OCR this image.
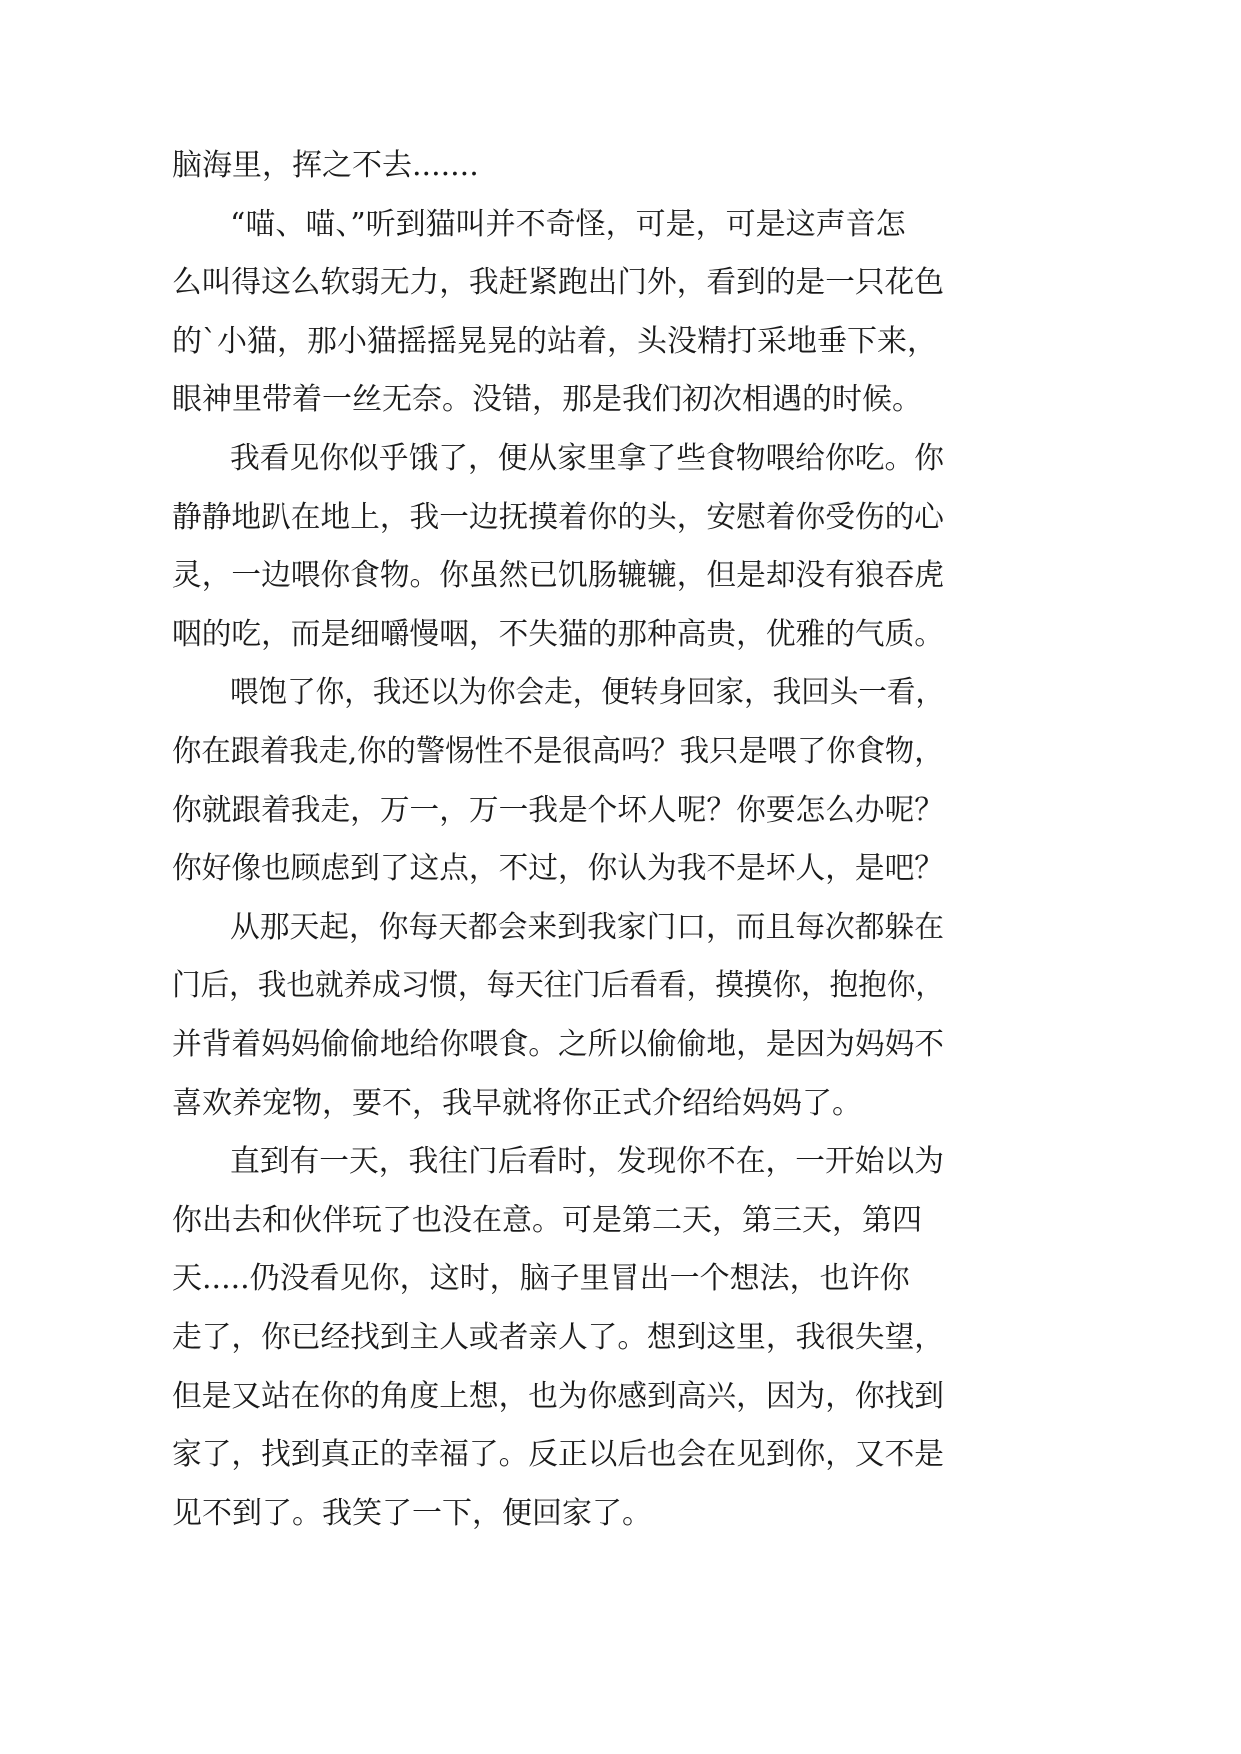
脑海里，挥之不去.......
“喵、喵、”听到猫叫并不奇怪，可是，可是这声音怎
么叫得这么软弱无力，我赶紧跑出门外，看到的是一只花色
的`小猫，那小猫摇摇晃晃的站着，头没精打采地垂下来，
眼神里带着一丝无奈。没错，那是我们初次相遇的时候。
我看见你似乎饿了，便从家里拿了些食物喂给你吃。你
静静地趴在地上，我一边抚摸着你的头，安慰着你受伤的心
灵，一边喂你食物。你虽然已饥肠辘辘，但是却没有狼吞虎
咽的吃，而是细嚼慢咽，不失猫的那种高贵，优雅的气质。
喂饱了你，我还以为你会走，便转身回家，我回头一看，
你在跟着我走,你的警惕性不是很高吗？我只是喂了你食物，
你就跟着我走，万一，万一我是个坏人呢？你要怎么办呢？
你好像也顾虑到了这点，不过，你认为我不是坏人，是吧？
从那天起，你每天都会来到我家门口，而且每次都躲在
门后，我也就养成习惯，每天往门后看看，摸摸你，抱抱你，
并背着妈妈偷偷地给你喂食。之所以偷偷地，是因为妈妈不
喜欢养宠物，要不，我早就将你正式介绍给妈妈了。
直到有一天，我往门后看时，发现你不在，一开始以为
你出去和伙伴玩了也没在意。可是第二天，第三天，第四
天.....仍没看见你，这时，脑子里冒出一个想法，也许你
走了，你已经找到主人或者亲人了。想到这里，我很失望，
但是又站在你的角度上想，也为你感到高兴，因为，你找到
家了，找到真正的幸福了。反正以后也会在见到你，又不是
见不到了。我笑了一下，便回家了。
